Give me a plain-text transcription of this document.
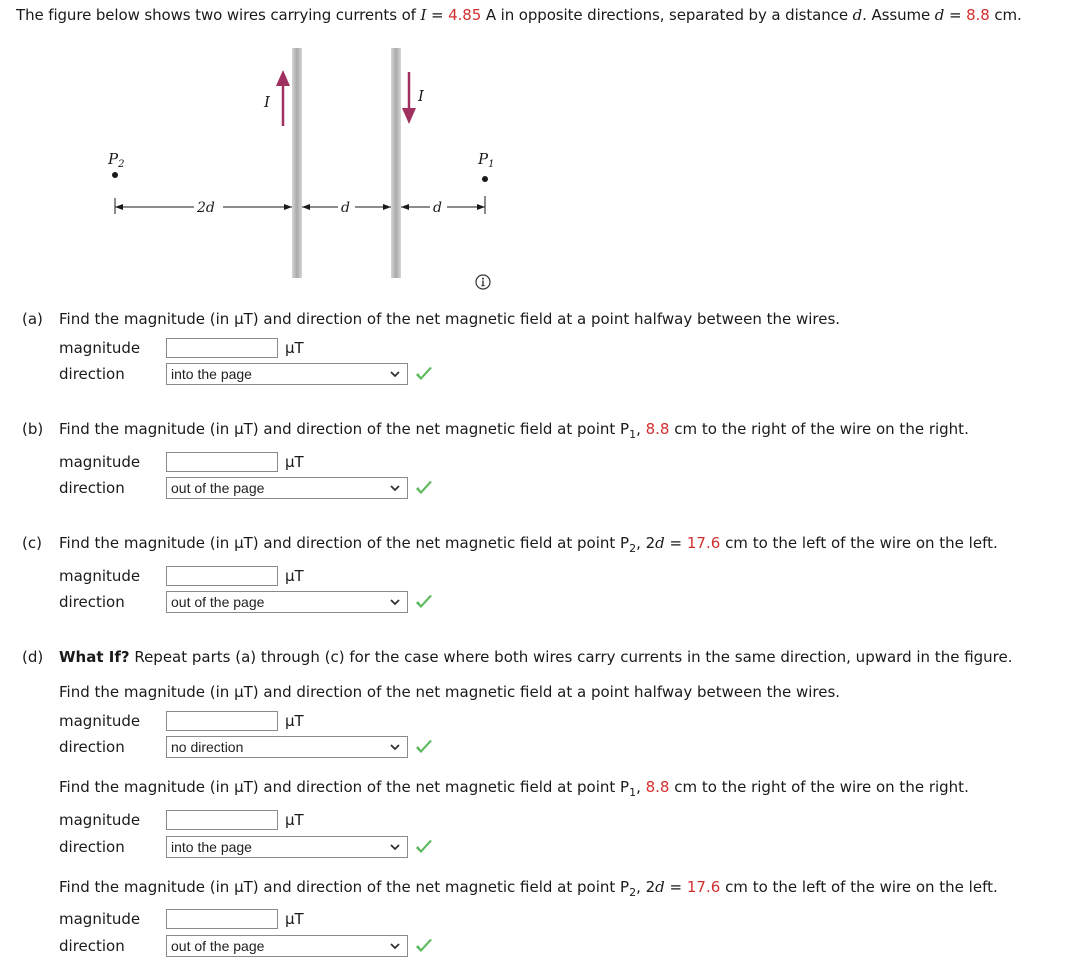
The figure below shows two wires carrying currents of I = 4.85 A in opposite directions, separated by a distance d. Assume d = 8.8 cm.
I	I
$P_2$	$P_1$
2d	d	d
(a) Find the magnitude (in μT) and direction of the net magnetic field at a point halfway between the wires.
magnitude	μT
direction	into the page
(b) Find the magnitude (in μT) and direction of the net magnetic field at point $P_1$, 8.8 cm to the right of the wire on the right.
magnitude	μT
direction	out of the page
(c) Find the magnitude (in μT) and direction of the net magnetic field at point $P_2$, 2d = 17.6 cm to the left of the wire on the left.
magnitude	μT
direction	out of the page
(d) What If? Repeat parts (a) through (c) for the case where both wires carry currents in the same direction, upward in the figure.
Find the magnitude (in μT) and direction of the net magnetic field at a point halfway between the wires.
magnitude	μT
direction	no direction
Find the magnitude (in μT) and direction of the net magnetic field at point $P_1$, 8.8 cm to the right of the wire on the right.
magnitude	μT
direction	into the page
Find the magnitude (in μT) and direction of the net magnetic field at point $P_2$, 2d = 17.6 cm to the left of the wire on the left.
magnitude	μT
direction	out of the page
